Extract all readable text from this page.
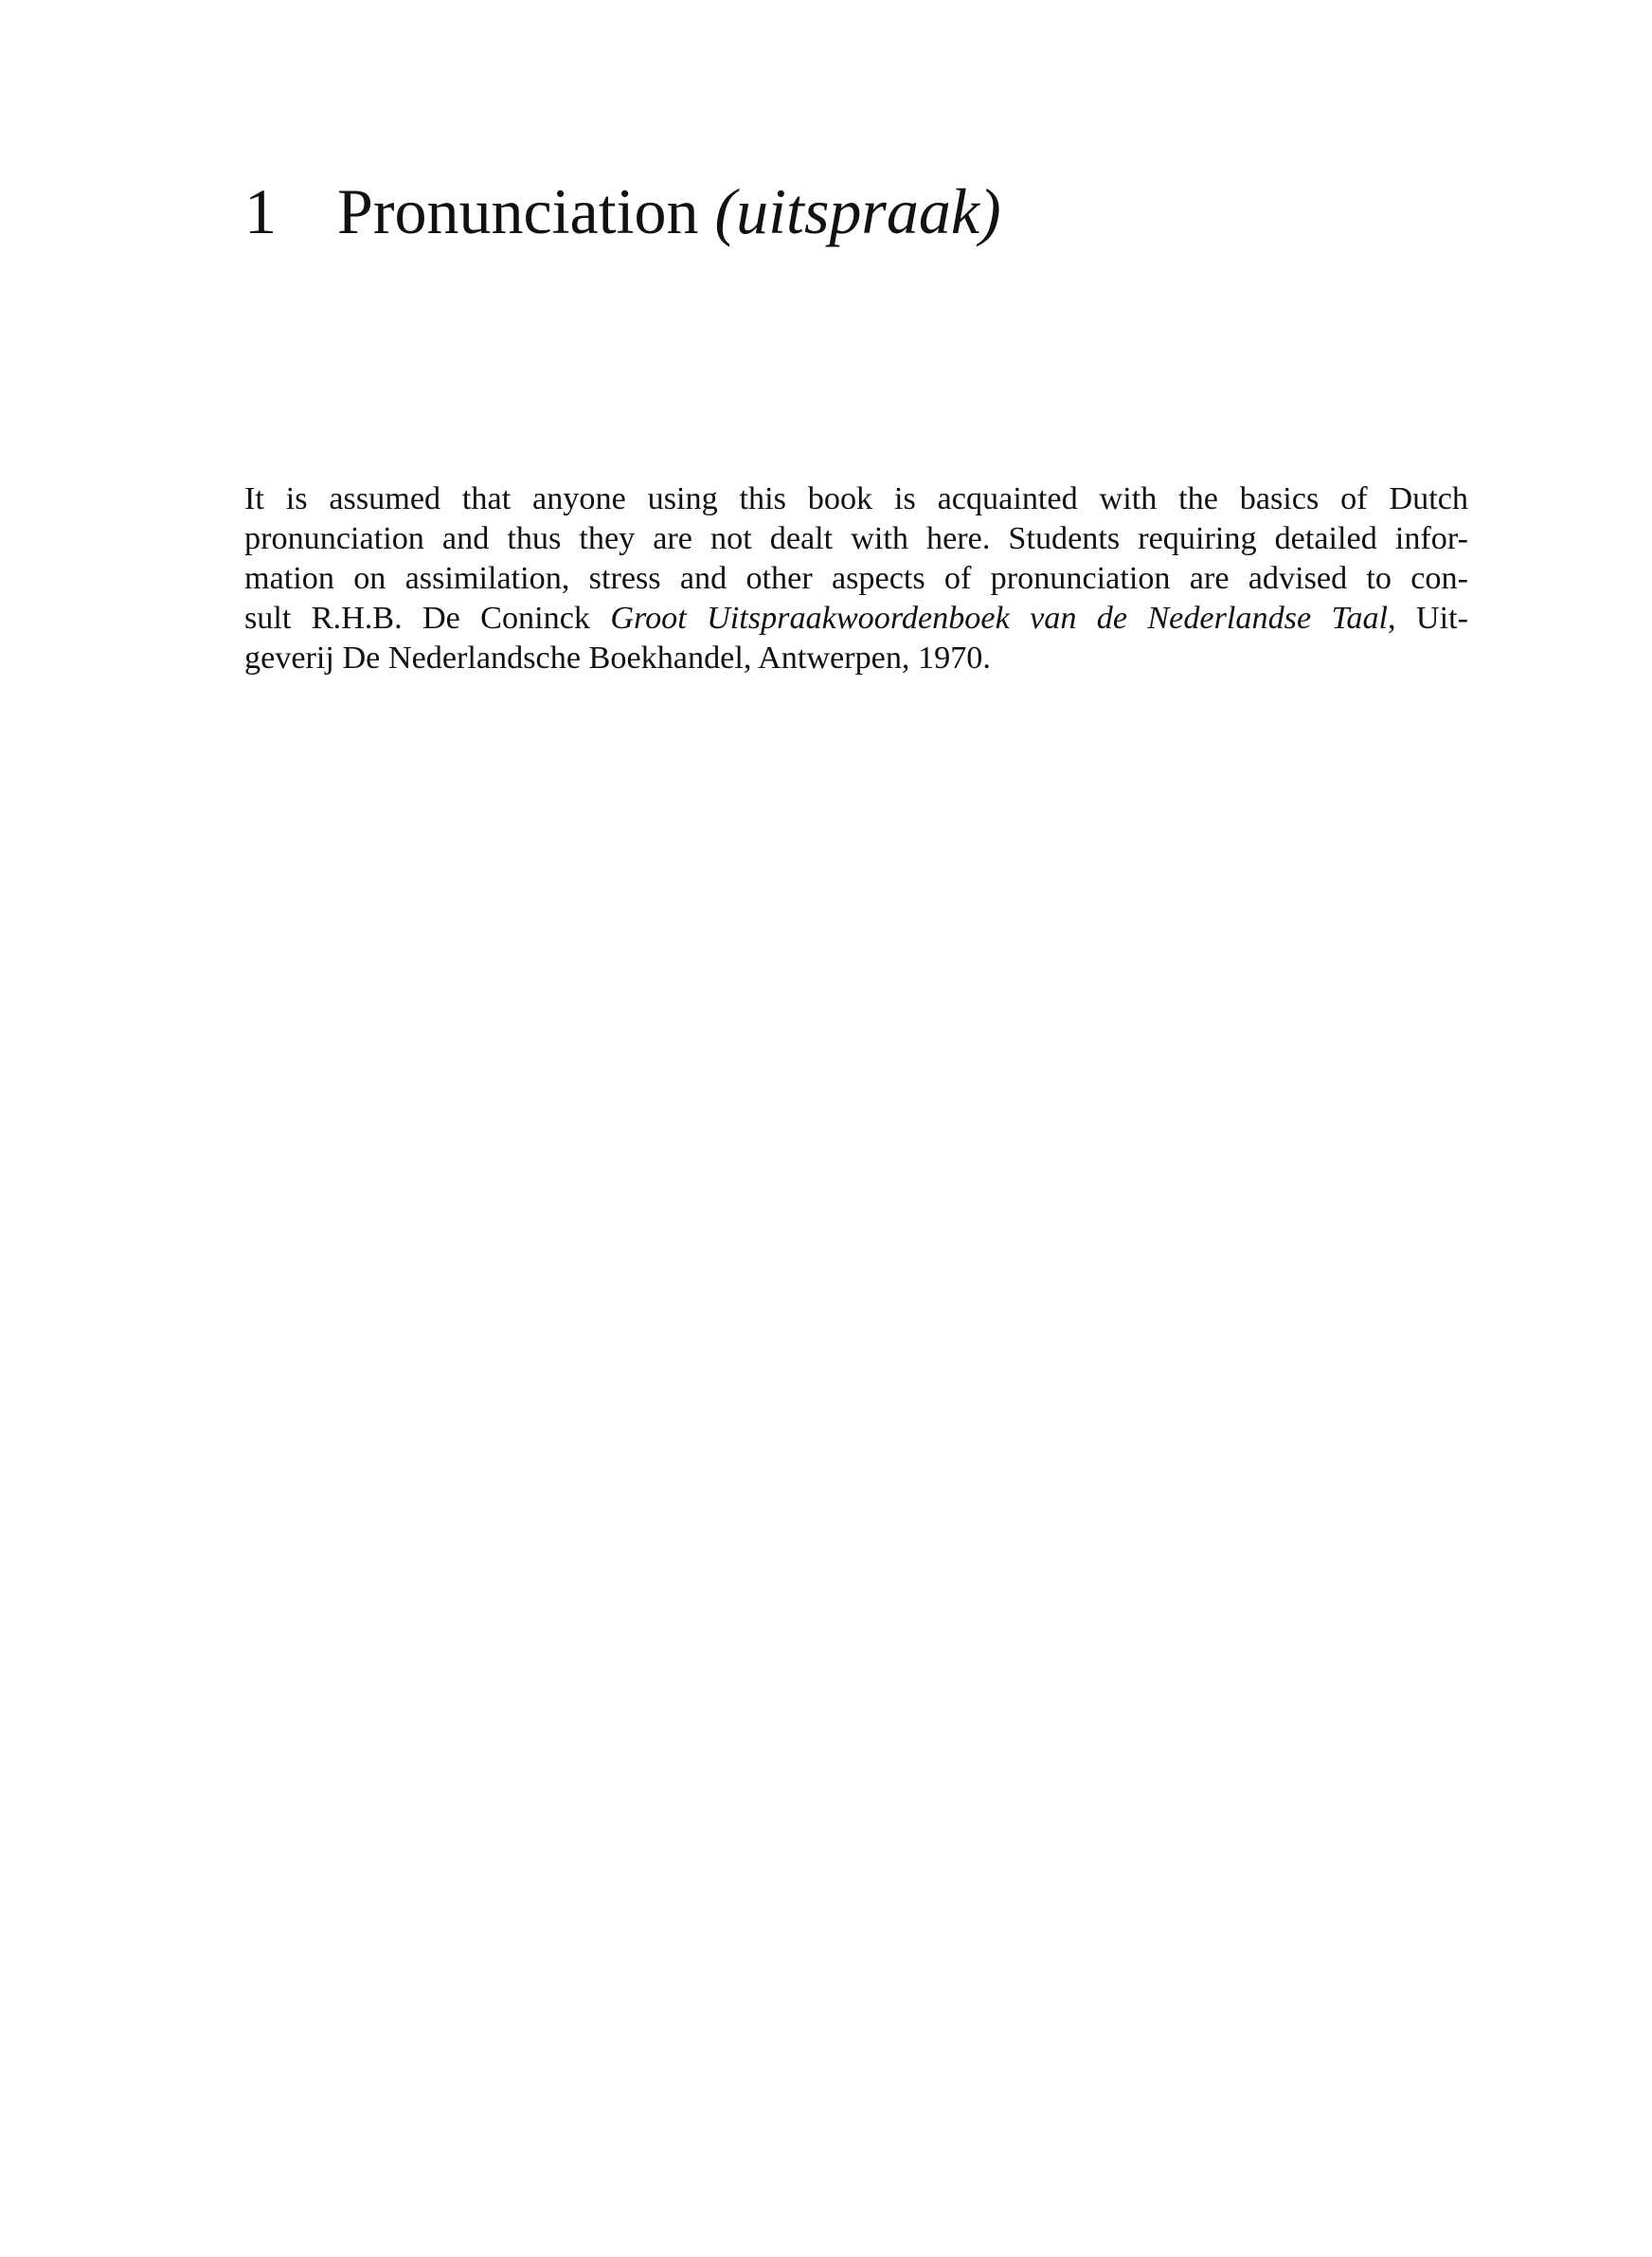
1 Pronunciation (uitspraak)

It is assumed that anyone using this book is acquainted with the basics of Dutch
pronunciation and thus they are not dealt with here. Students requiring detailed infor-
mation on assimilation, stress and other aspects of pronunciation are advised to con-
sult R.H.B. De Coninck Groot Uitspraakwoordenboek van de Nederlandse Taal, Uit-
geverij De Nederlandsche Boekhandel, Antwerpen, 1970.
